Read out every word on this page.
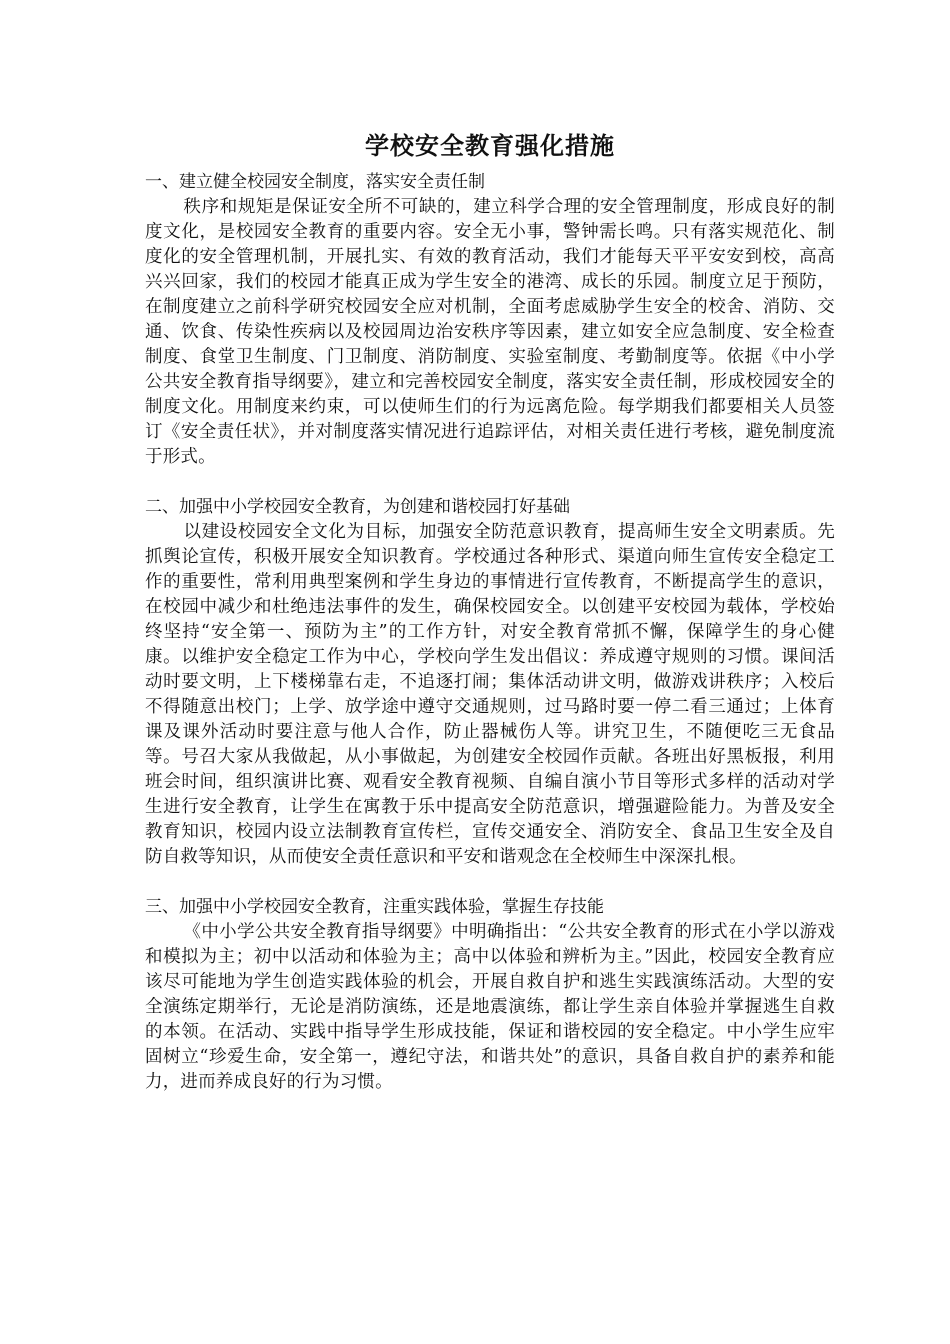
学校安全教育强化措施

一、建立健全校园安全制度，落实安全责任制

秩序和规矩是保证安全所不可缺的，建立科学合理的安全管理制度，形成良好的制度文化，是校园安全教育的重要内容。安全无小事，警钟需长鸣。只有落实规范化、制度化的安全管理机制，开展扎实、有效的教育活动，我们才能每天平平安安到校，高高兴兴回家，我们的校园才能真正成为学生安全的港湾、成长的乐园。制度立足于预防，在制度建立之前科学研究校园安全应对机制，全面考虑威胁学生安全的校舍、消防、交通、饮食、传染性疾病以及校园周边治安秩序等因素，建立如安全应急制度、安全检查制度、食堂卫生制度、门卫制度、消防制度、实验室制度、考勤制度等。依据《中小学公共安全教育指导纲要》，建立和完善校园安全制度，落实安全责任制，形成校园安全的制度文化。用制度来约束，可以使师生们的行为远离危险。每学期我们都要相关人员签订《安全责任状》，并对制度落实情况进行追踪评估，对相关责任进行考核，避免制度流于形式。

二、加强中小学校园安全教育，为创建和谐校园打好基础

以建设校园安全文化为目标，加强安全防范意识教育，提高师生安全文明素质。先抓舆论宣传，积极开展安全知识教育。学校通过各种形式、渠道向师生宣传安全稳定工作的重要性，常利用典型案例和学生身边的事情进行宣传教育，不断提高学生的意识，在校园中减少和杜绝违法事件的发生，确保校园安全。以创建平安校园为载体，学校始终坚持“安全第一、预防为主”的工作方针，对安全教育常抓不懈，保障学生的身心健康。以维护安全稳定工作为中心，学校向学生发出倡议：养成遵守规则的习惯。课间活动时要文明，上下楼梯靠右走，不追逐打闹；集体活动讲文明，做游戏讲秩序；入校后不得随意出校门；上学、放学途中遵守交通规则，过马路时要一停二看三通过；上体育课及课外活动时要注意与他人合作，防止器械伤人等。讲究卫生，不随便吃三无食品等。号召大家从我做起，从小事做起，为创建安全校园作贡献。各班出好黑板报，利用班会时间，组织演讲比赛、观看安全教育视频、自编自演小节目等形式多样的活动对学生进行安全教育，让学生在寓教于乐中提高安全防范意识，增强避险能力。为普及安全教育知识，校园内设立法制教育宣传栏，宣传交通安全、消防安全、食品卫生安全及自防自救等知识，从而使安全责任意识和平安和谐观念在全校师生中深深扎根。

三、加强中小学校园安全教育，注重实践体验，掌握生存技能

《中小学公共安全教育指导纲要》中明确指出：“公共安全教育的形式在小学以游戏和模拟为主；初中以活动和体验为主；高中以体验和辨析为主。”因此，校园安全教育应该尽可能地为学生创造实践体验的机会，开展自救自护和逃生实践演练活动。大型的安全演练定期举行，无论是消防演练，还是地震演练，都让学生亲自体验并掌握逃生自救的本领。在活动、实践中指导学生形成技能，保证和谐校园的安全稳定。中小学生应牢固树立“珍爱生命，安全第一，遵纪守法，和谐共处”的意识，具备自救自护的素养和能力，进而养成良好的行为习惯。
